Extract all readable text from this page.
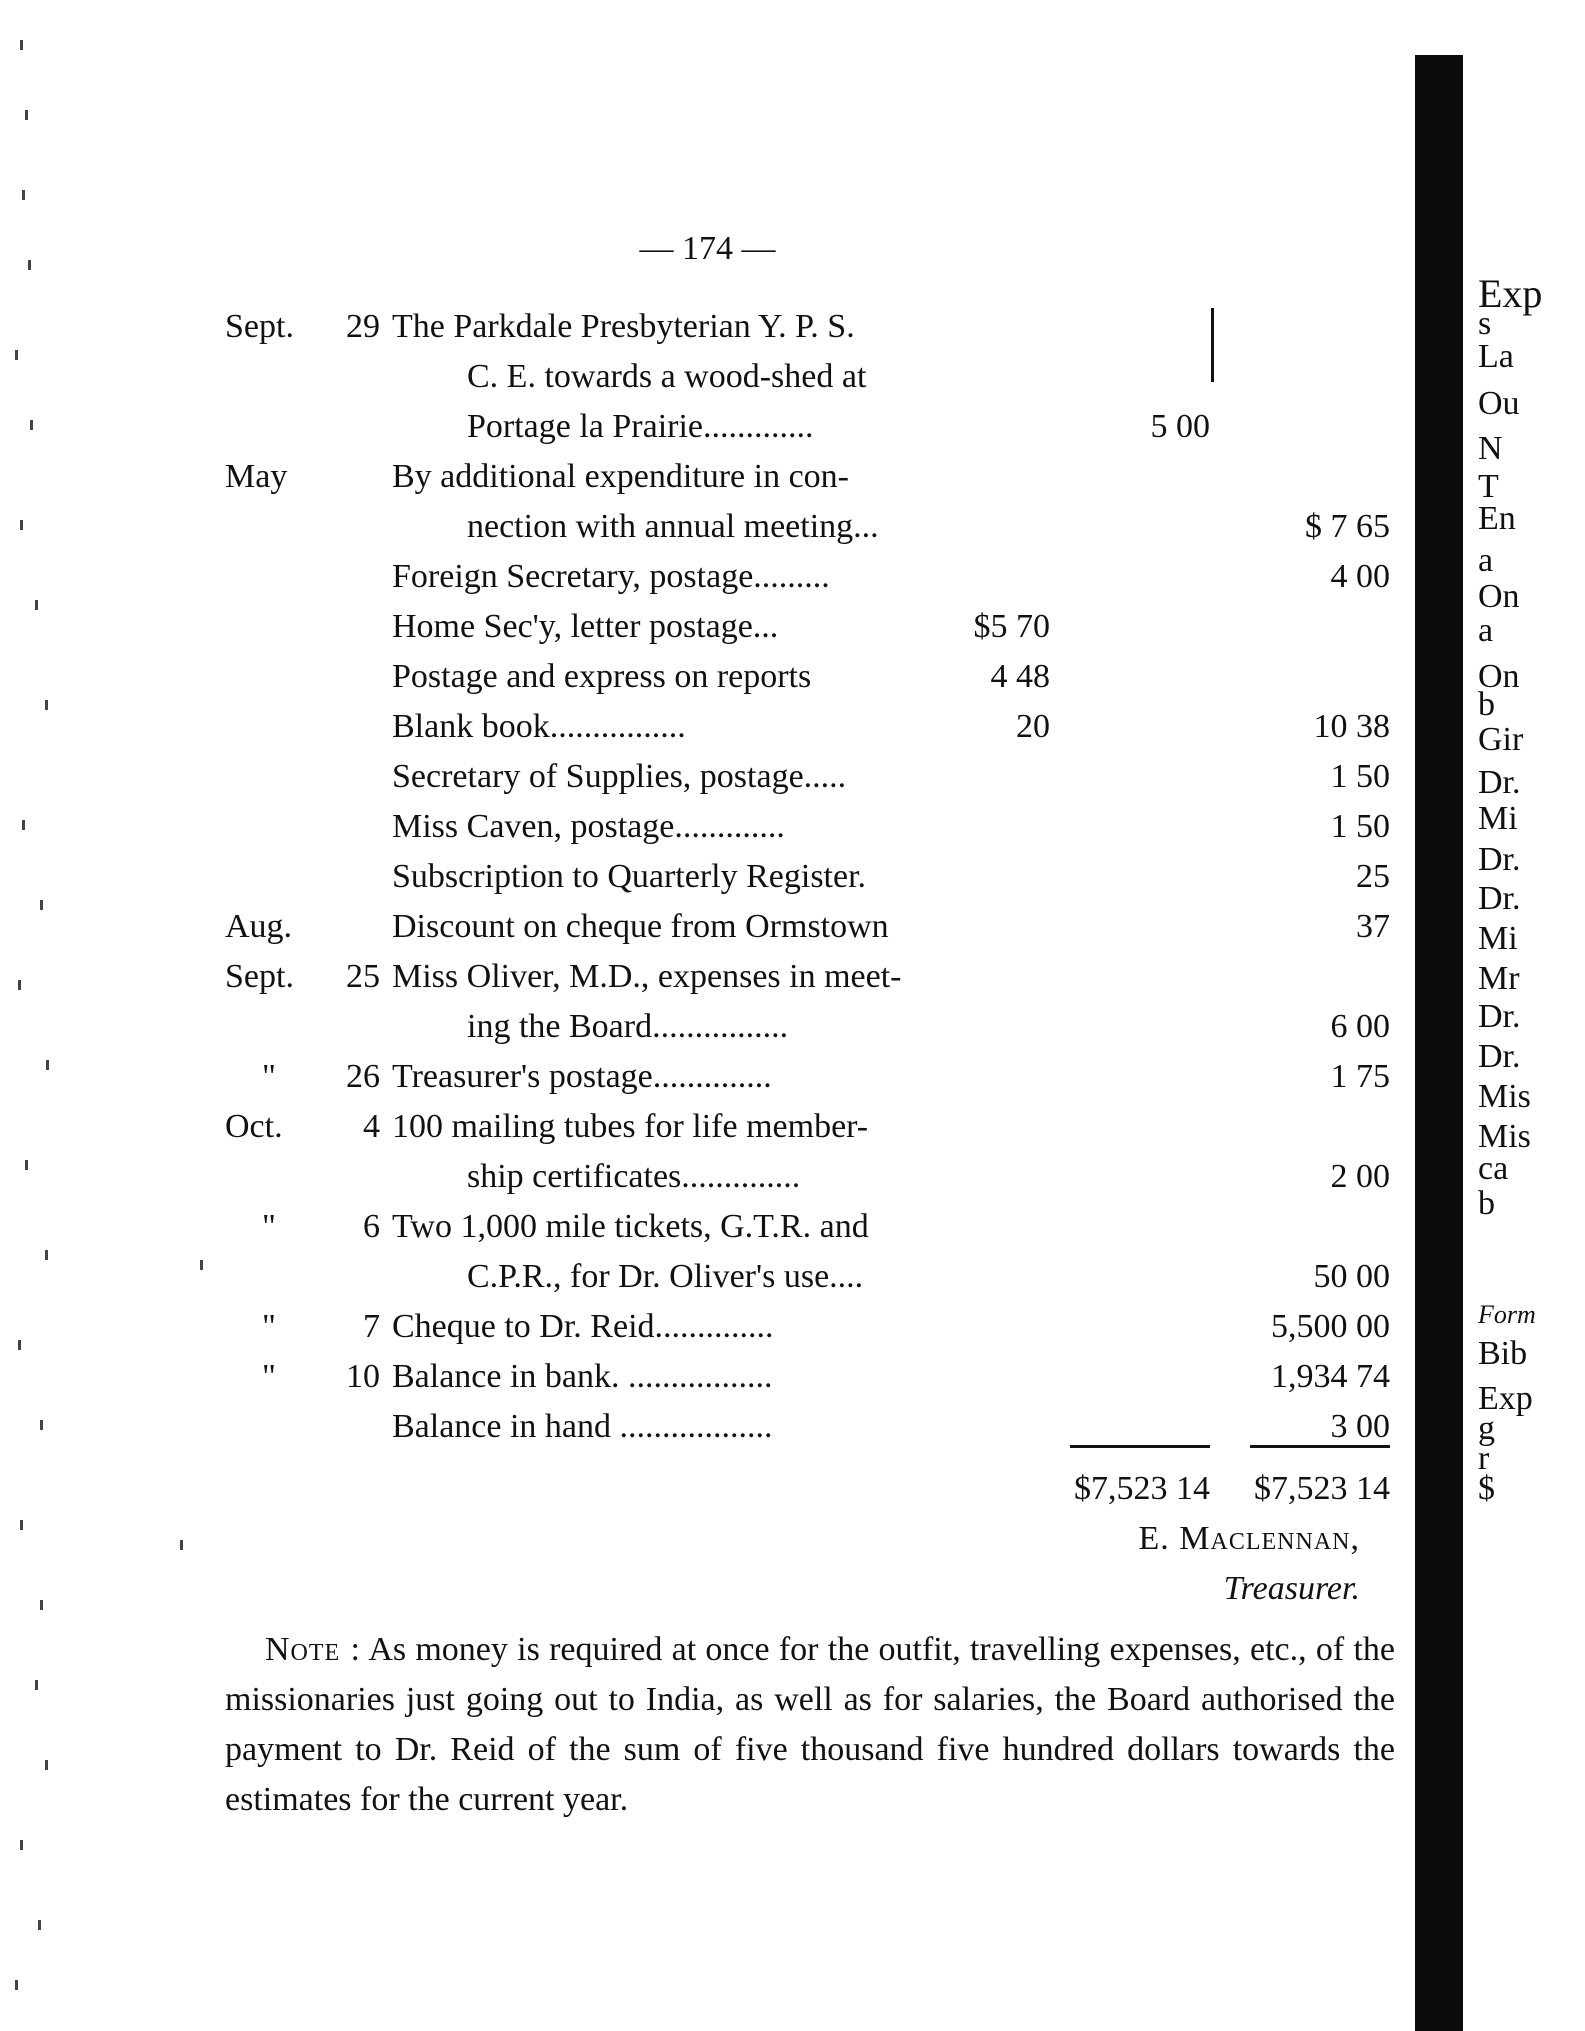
— 174 —
Sept.	29 The Parkdale Presbyterian Y. P. S.
C. E. towards a wood-shed at
Portage la Prairie.............	5 00
May	By additional expenditure in con-
nection with annual meeting...	$ 7 65
Foreign Secretary, postage.........	4 00
Home Sec'y, letter postage...	$5 70
Postage and express on reports	4 48
Blank book................	20	10 38
Secretary of Supplies, postage.....	1 50
Miss Caven, postage.............	1 50
Subscription to Quarterly Register.	25
Aug.	Discount on cheque from Ormstown	37
Sept.	25 Miss Oliver, M.D., expenses in meet-
ing the Board................	6 00
"	26 Treasurer's postage..............	1 75
Oct.	4 100 mailing tubes for life member-
ship certificates..............	2 00
"	6 Two 1,000 mile tickets, G.T.R. and
C.P.R., for Dr. Oliver's use....	50 00
"	7 Cheque to Dr. Reid..............	5,500 00
"	10 Balance in bank. .................	1,934 74
Balance in hand ..................	3 00
$7,523 14	$7,523 14
E. Maclennan,
Treasurer.
Note : As money is required at once for the outfit, travelling expenses, etc., of the missionaries just going out to India, as well as for salaries, the Board authorised the payment to Dr. Reid of the sum of five thousand five hundred dollars towards the estimates for the current year.
Exp
s
La
Ou
N
T
En
a
On
a
On
b
Gir
Dr.
Mi
Dr.
Dr.
Mi
Mr
Dr.
Dr.
Mis
Mis
ca
b
Form
Bib
Exp
g
r
$
